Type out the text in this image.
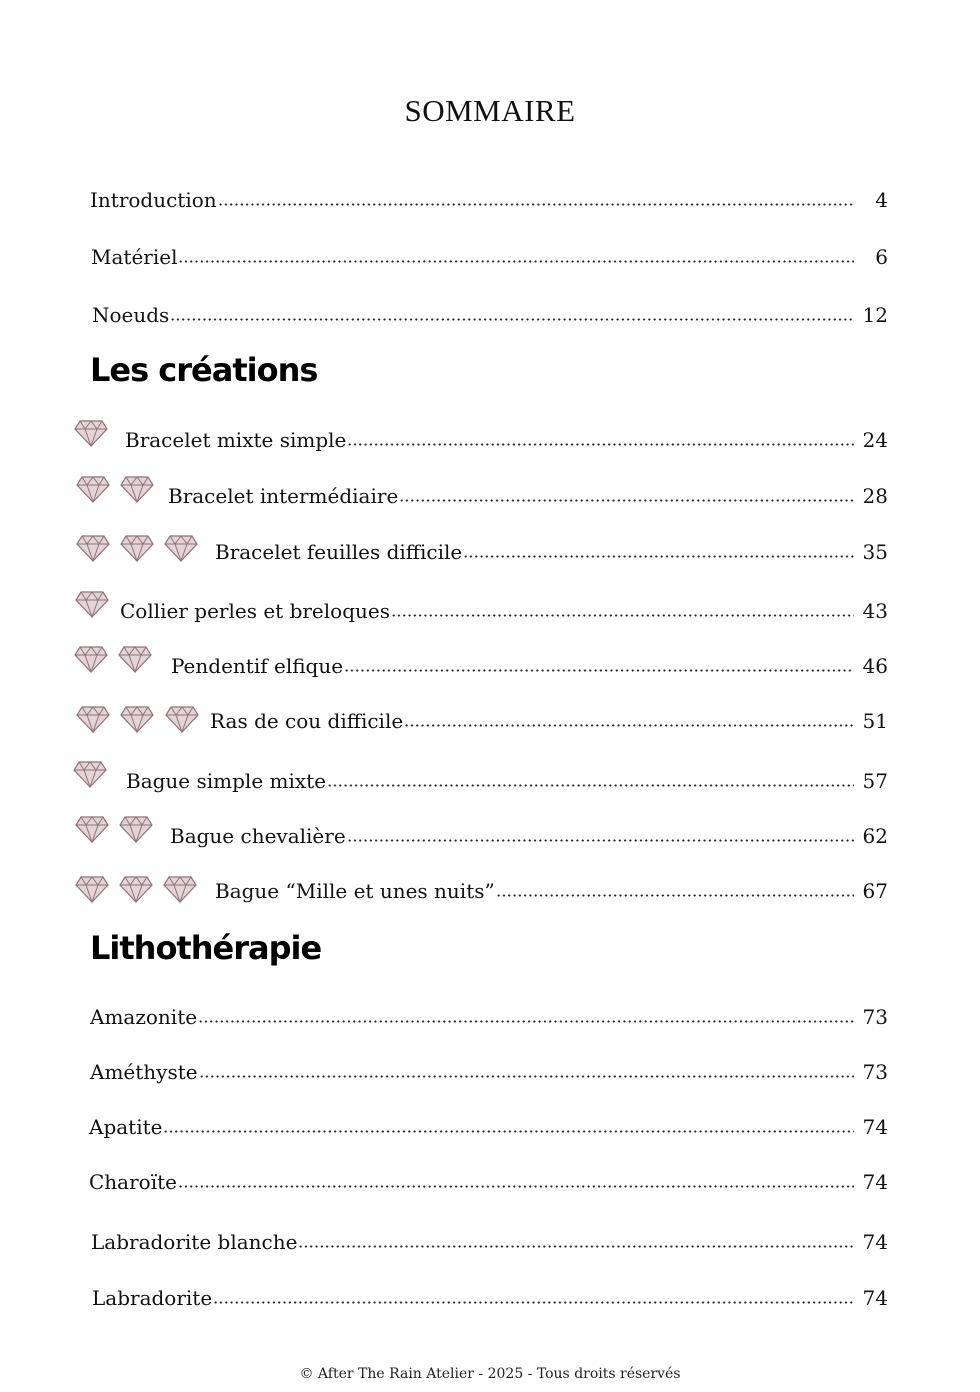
SOMMAIRE
Introduction	4
Matériel	6
Noeuds	12
Les créations
Bracelet mixte simple	24
Bracelet intermédiaire	28
Bracelet feuilles difficile	35
Collier perles et breloques	43
Pendentif elfique	46
Ras de cou difficile	51
Bague simple mixte	57
Bague chevalière	62
Bague “Mille et unes nuits”	67
Lithothérapie
Amazonite	73
Améthyste	73
Apatite	74
Charoïte	74
Labradorite blanche	74
Labradorite	74
© After The Rain Atelier - 2025 - Tous droits réservés
